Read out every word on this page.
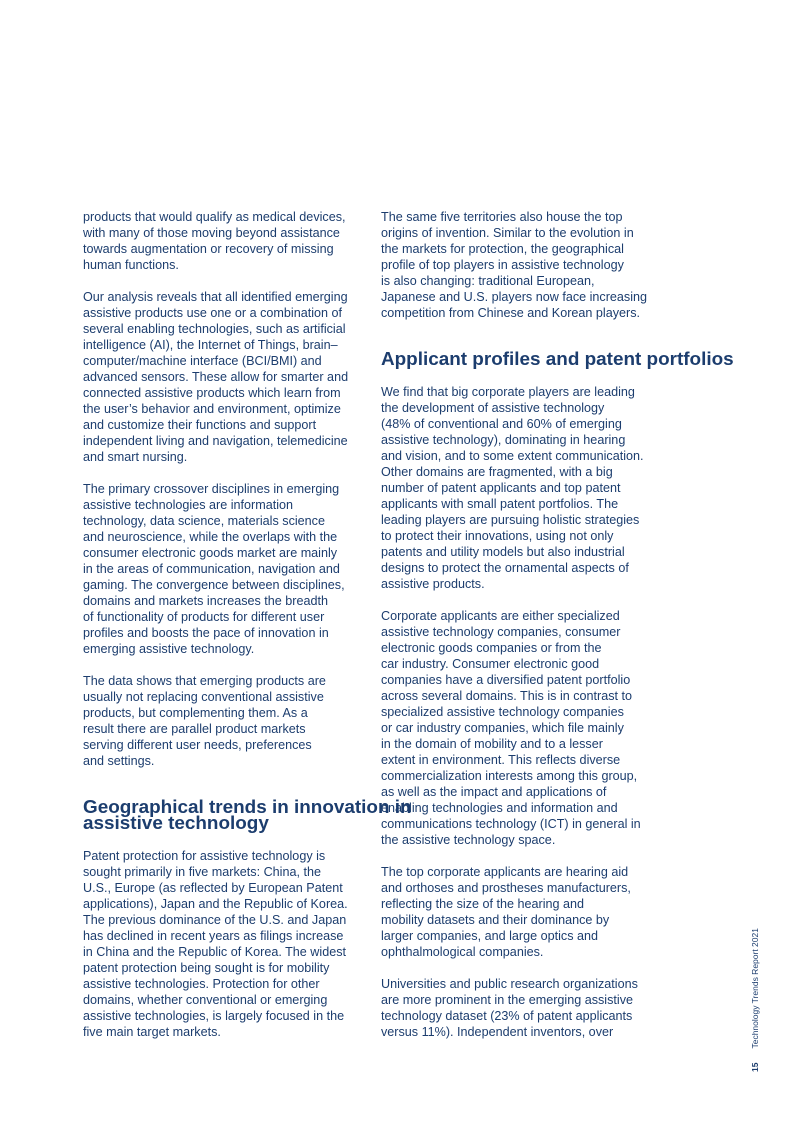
products that would qualify as medical devices,
with many of those moving beyond assistance
towards augmentation or recovery of missing
human functions.

Our analysis reveals that all identified emerging
assistive products use one or a combination of
several enabling technologies, such as artificial
intelligence (AI), the Internet of Things, brain–
computer/machine interface (BCI/BMI) and
advanced sensors. These allow for smarter and
connected assistive products which learn from
the user’s behavior and environment, optimize
and customize their functions and support
independent living and navigation, telemedicine
and smart nursing.

The primary crossover disciplines in emerging
assistive technologies are information
technology, data science, materials science
and neuroscience, while the overlaps with the
consumer electronic goods market are mainly
in the areas of communication, navigation and
gaming. The convergence between disciplines,
domains and markets increases the breadth
of functionality of products for different user
profiles and boosts the pace of innovation in
emerging assistive technology.

The data shows that emerging products are
usually not replacing conventional assistive
products, but complementing them. As a
result there are parallel product markets
serving different user needs, preferences
and settings.

Geographical trends in innovation in
assistive technology

Patent protection for assistive technology is
sought primarily in five markets: China, the
U.S., Europe (as reflected by European Patent
applications), Japan and the Republic of Korea.
The previous dominance of the U.S. and Japan
has declined in recent years as filings increase
in China and the Republic of Korea. The widest
patent protection being sought is for mobility
assistive technologies. Protection for other
domains, whether conventional or emerging
assistive technologies, is largely focused in the
five main target markets.

The same five territories also house the top
origins of invention. Similar to the evolution in
the markets for protection, the geographical
profile of top players in assistive technology
is also changing: traditional European,
Japanese and U.S. players now face increasing
competition from Chinese and Korean players.

Applicant profiles and patent portfolios

We find that big corporate players are leading
the development of assistive technology
(48% of conventional and 60% of emerging
assistive technology), dominating in hearing
and vision, and to some extent communication.
Other domains are fragmented, with a big
number of patent applicants and top patent
applicants with small patent portfolios. The
leading players are pursuing holistic strategies
to protect their innovations, using not only
patents and utility models but also industrial
designs to protect the ornamental aspects of
assistive products.

Corporate applicants are either specialized
assistive technology companies, consumer
electronic goods companies or from the
car industry. Consumer electronic good
companies have a diversified patent portfolio
across several domains. This is in contrast to
specialized assistive technology companies
or car industry companies, which file mainly
in the domain of mobility and to a lesser
extent in environment. This reflects diverse
commercialization interests among this group,
as well as the impact and applications of
enabling technologies and information and
communications technology (ICT) in general in
the assistive technology space.

The top corporate applicants are hearing aid
and orthoses and prostheses manufacturers,
reflecting the size of the hearing and
mobility datasets and their dominance by
larger companies, and large optics and
ophthalmological companies.

Universities and public research organizations
are more prominent in the emerging assistive
technology dataset (23% of patent applicants
versus 11%). Independent inventors, over

15
Technology Trends Report 2021
